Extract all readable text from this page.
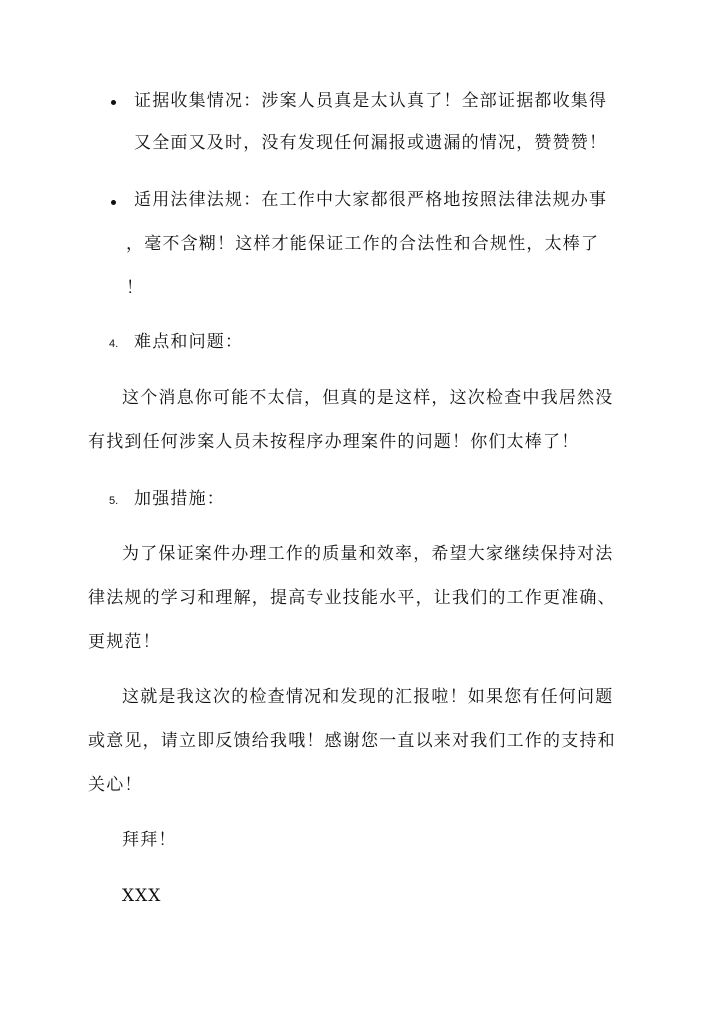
证据收集情况：涉案人员真是太认真了！全部证据都收集得
又全面又及时，没有发现任何漏报或遗漏的情况，赞赞赞！
适用法律法规：在工作中大家都很严格地按照法律法规办事
，毫不含糊！这样才能保证工作的合法性和合规性，太棒了
！
4. 难点和问题：
这个消息你可能不太信，但真的是这样，这次检查中我居然没
有找到任何涉案人员未按程序办理案件的问题！你们太棒了！
5. 加强措施：
为了保证案件办理工作的质量和效率，希望大家继续保持对法
律法规的学习和理解，提高专业技能水平，让我们的工作更准确、
更规范！
这就是我这次的检查情况和发现的汇报啦！如果您有任何问题
或意见，请立即反馈给我哦！感谢您一直以来对我们工作的支持和
关心！
拜拜！
XXX
